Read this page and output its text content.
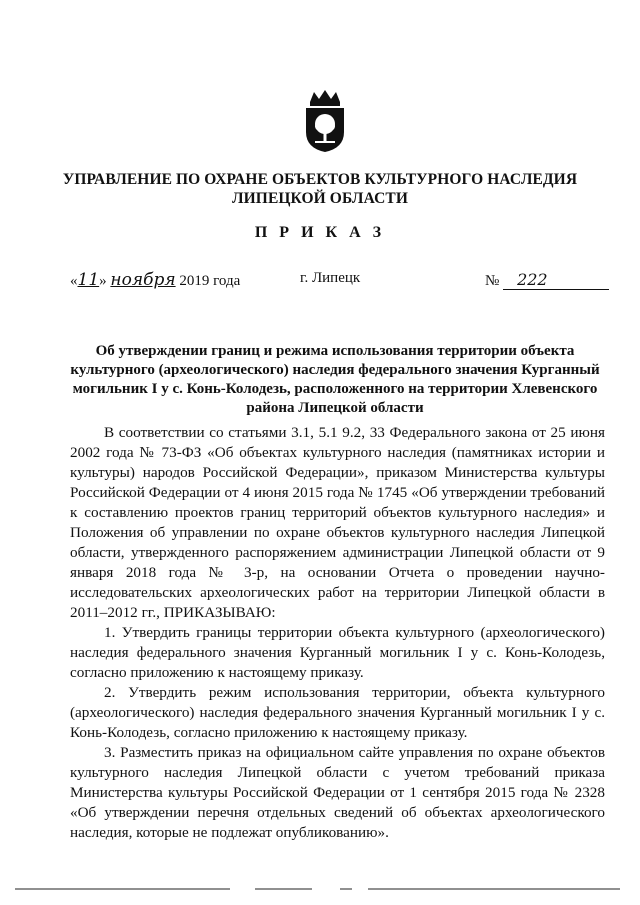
УПРАВЛЕНИЕ ПО ОХРАНЕ ОБЪЕКТОВ КУЛЬТУРНОГО НАСЛЕДИЯ
ЛИПЕЦКОЙ ОБЛАСТИ
П Р И К А З
«11» ноября 2019 года	г. Липецк	№ 222
Об утверждении границ и режима использования территории объекта культурного (археологического) наследия федерального значения Курганный могильник I у с. Конь-Колодезь, расположенного на территории Хлевенского района Липецкой области

В соответствии со статьями 3.1, 5.1 9.2, 33 Федерального закона от 25 июня 2002 года № 73-ФЗ «Об объектах культурного наследия (памятниках истории и культуры) народов Российской Федерации», приказом Министерства культуры Российской Федерации от 4 июня 2015 года № 1745 «Об утверждении требований к составлению проектов границ территорий объектов культурного наследия» и Положения об управлении по охране объектов культурного наследия Липецкой области, утвержденного распоряжением администрации Липецкой области от 9 января 2018 года № 3-р, на основании Отчета о проведении научно-исследовательских археологических работ на территории Липецкой области в 2011–2012 гг., ПРИКАЗЫВАЮ:

1. Утвердить границы территории объекта культурного (археологического) наследия федерального значения Курганный могильник I у с. Конь-Колодезь, согласно приложению к настоящему приказу.

2. Утвердить режим использования территории, объекта культурного (археологического) наследия федерального значения Курганный могильник I у с. Конь-Колодезь, согласно приложению к настоящему приказу.

3. Разместить приказ на официальном сайте управления по охране объектов культурного наследия Липецкой области с учетом требований приказа Министерства культуры Российской Федерации от 1 сентября 2015 года № 2328 «Об утверждении перечня отдельных сведений об объектах археологического наследия, которые не подлежат опубликованию».
